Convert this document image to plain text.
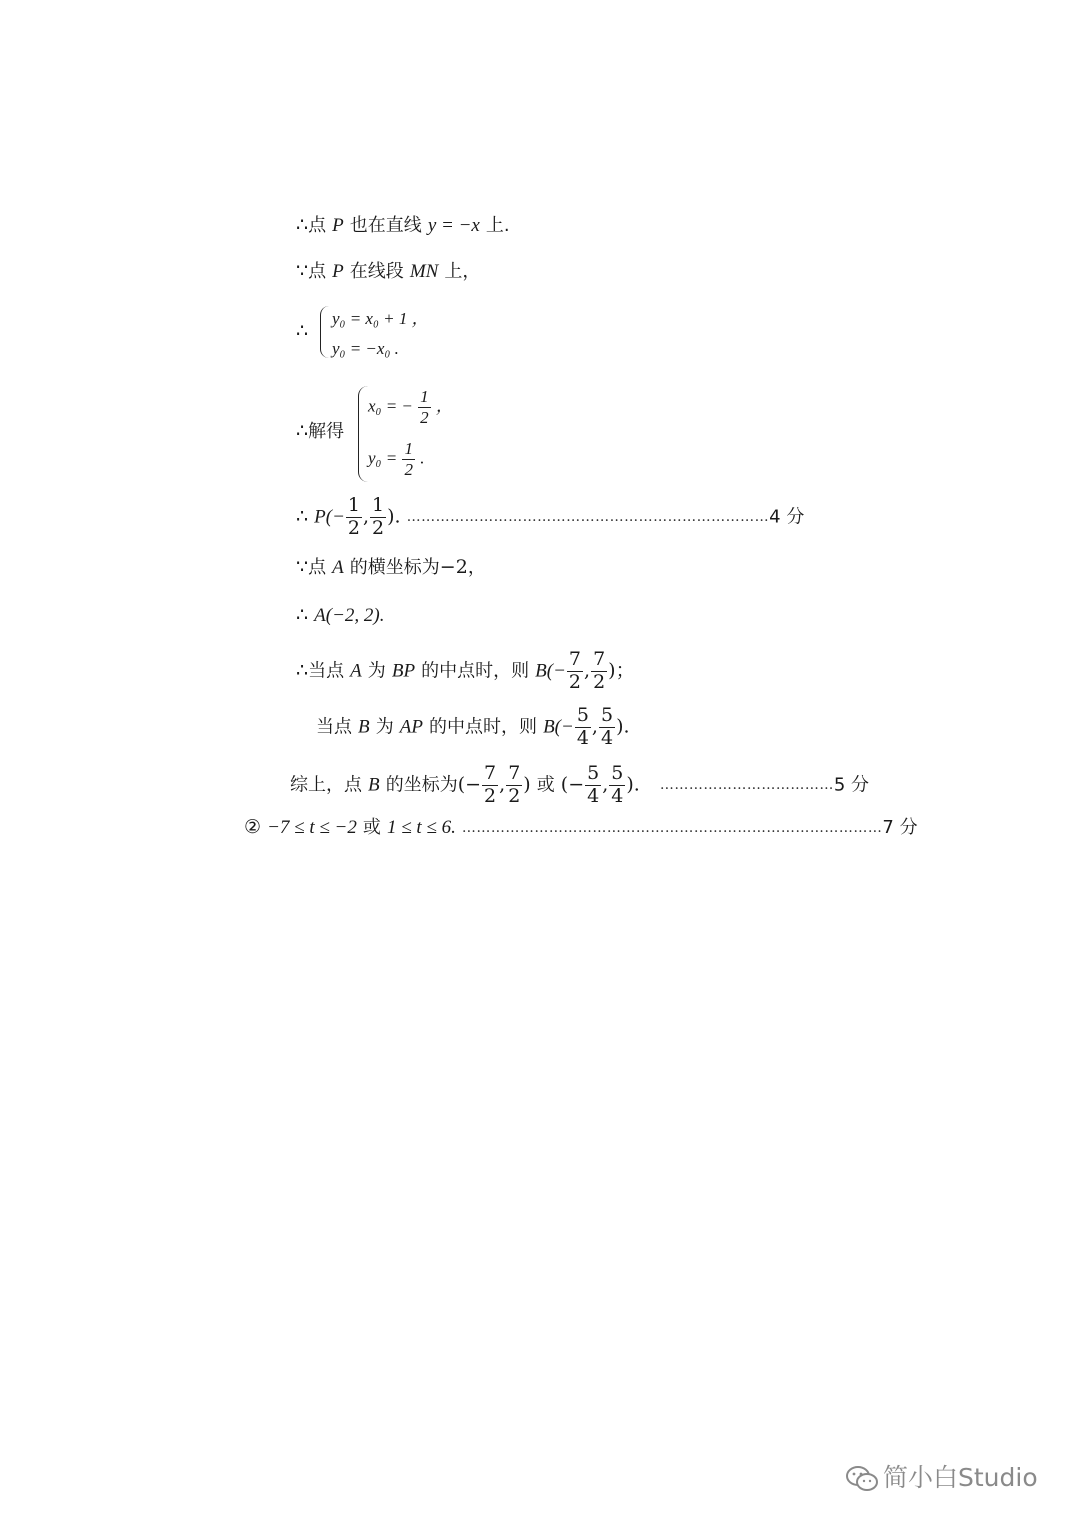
∴点 P 也在直线 y = −x 上.
∵点 P 在线段 MN 上，
∴
y₀ = x₀ + 1 ，
y₀ = −x₀ .
∴解得
x₀ = − $\frac{1}{2}$ ，
$y_0 = \frac{1}{2}$ .
∴ $P(- \frac{1}{2}$ , $\frac{1}{2}$ ). …………………………………………………………………4 分
∵点 A 的横坐标为−2，
∴ A(−2, 2).
∴当点 A 为 BP 的中点时，则 $B(- \frac{7}{2}$ , $\frac{7}{2}$ )；
当点 B 为 AP 的中点时，则 $B(- \frac{5}{4}$ , $\frac{5}{4}$ ).
综上，点 B 的坐标为(− $\frac{7}{2}$ , $\frac{7}{2}$ ) 或 (− $\frac{5}{4}$ , $\frac{5}{4}$ ). ………………………………5 分
② −7 ≤ t ≤ −2 或 1 ≤ t ≤ 6. ……………………………………………………………………………7 分
简小白Studio
